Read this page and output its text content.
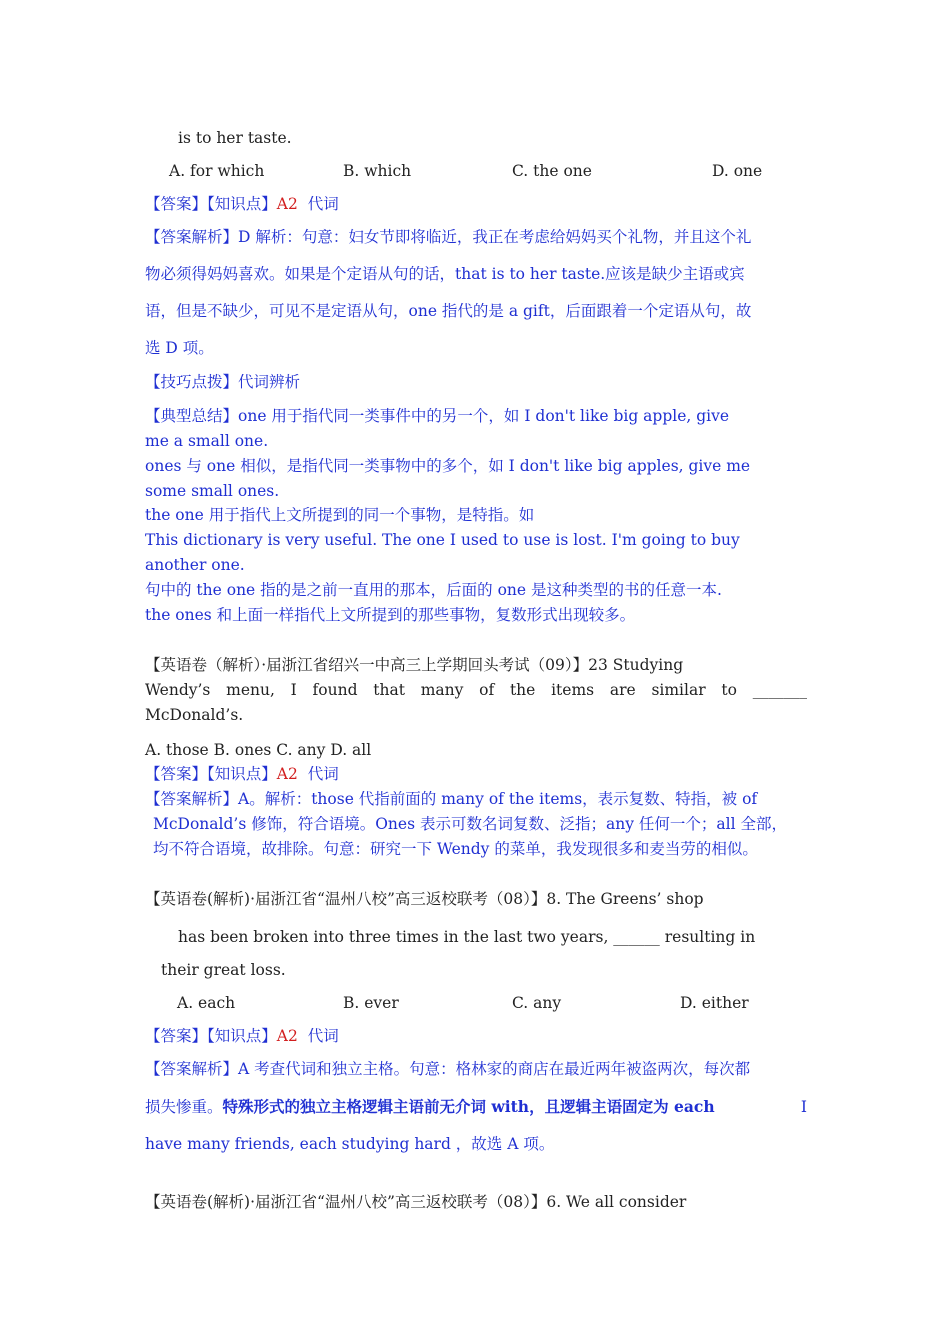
is to her taste.
A. for which	B. which	C. the one	D. one
【答案】【知识点】A2 代词
【答案解析】D 解析：句意：妇女节即将临近，我正在考虑给妈妈买个礼物，并且这个礼
物必须得妈妈喜欢。如果是个定语从句的话，that is to her taste.应该是缺少主语或宾
语，但是不缺少，可见不是定语从句，one 指代的是 a gift，后面跟着一个定语从句，故
选 D 项。
【技巧点拨】代词辨析
【典型总结】one 用于指代同一类事件中的另一个，如 I don't like big apple, give
me a small one.
ones 与 one 相似，是指代同一类事物中的多个，如 I don't like big apples, give me
some small ones.
the one 用于指代上文所提到的同一个事物，是特指。如
This dictionary is very useful. The one I used to use is lost. I'm going to buy
another one.
句中的 the one 指的是之前一直用的那本，后面的 one 是这种类型的书的任意一本.
the ones 和上面一样指代上文所提到的那些事物，复数形式出现较多。
【英语卷（解析）·届浙江省绍兴一中高三上学期回头考试（09）】23 Studying
Wendy’s menu, I found that many of the items are similar to _______
McDonald’s.
A. those B. ones C. any D. all
【答案】【知识点】A2 代词
【答案解析】A。解析：those 代指前面的 many of the items，表示复数、特指，被 of
McDonald’s 修饰，符合语境。Ones 表示可数名词复数、泛指；any 任何一个；all 全部，
均不符合语境，故排除。句意：研究一下 Wendy 的菜单，我发现很多和麦当劳的相似。
【英语卷(解析)·届浙江省“温州八校”高三返校联考（08）】8. The Greens’ shop
has been broken into three times in the last two years, ______ resulting in
their great loss.
A. each	B. ever	C. any	D. either
【答案】【知识点】A2 代词
【答案解析】A 考查代词和独立主格。句意：格林家的商店在最近两年被盗两次，每次都
损失惨重。特殊形式的独立主格逻辑主语前无介词 with，且逻辑主语固定为 each	I
have many friends, each studying hard ，故选 A 项。
【英语卷(解析)·届浙江省“温州八校”高三返校联考（08）】6. We all consider
